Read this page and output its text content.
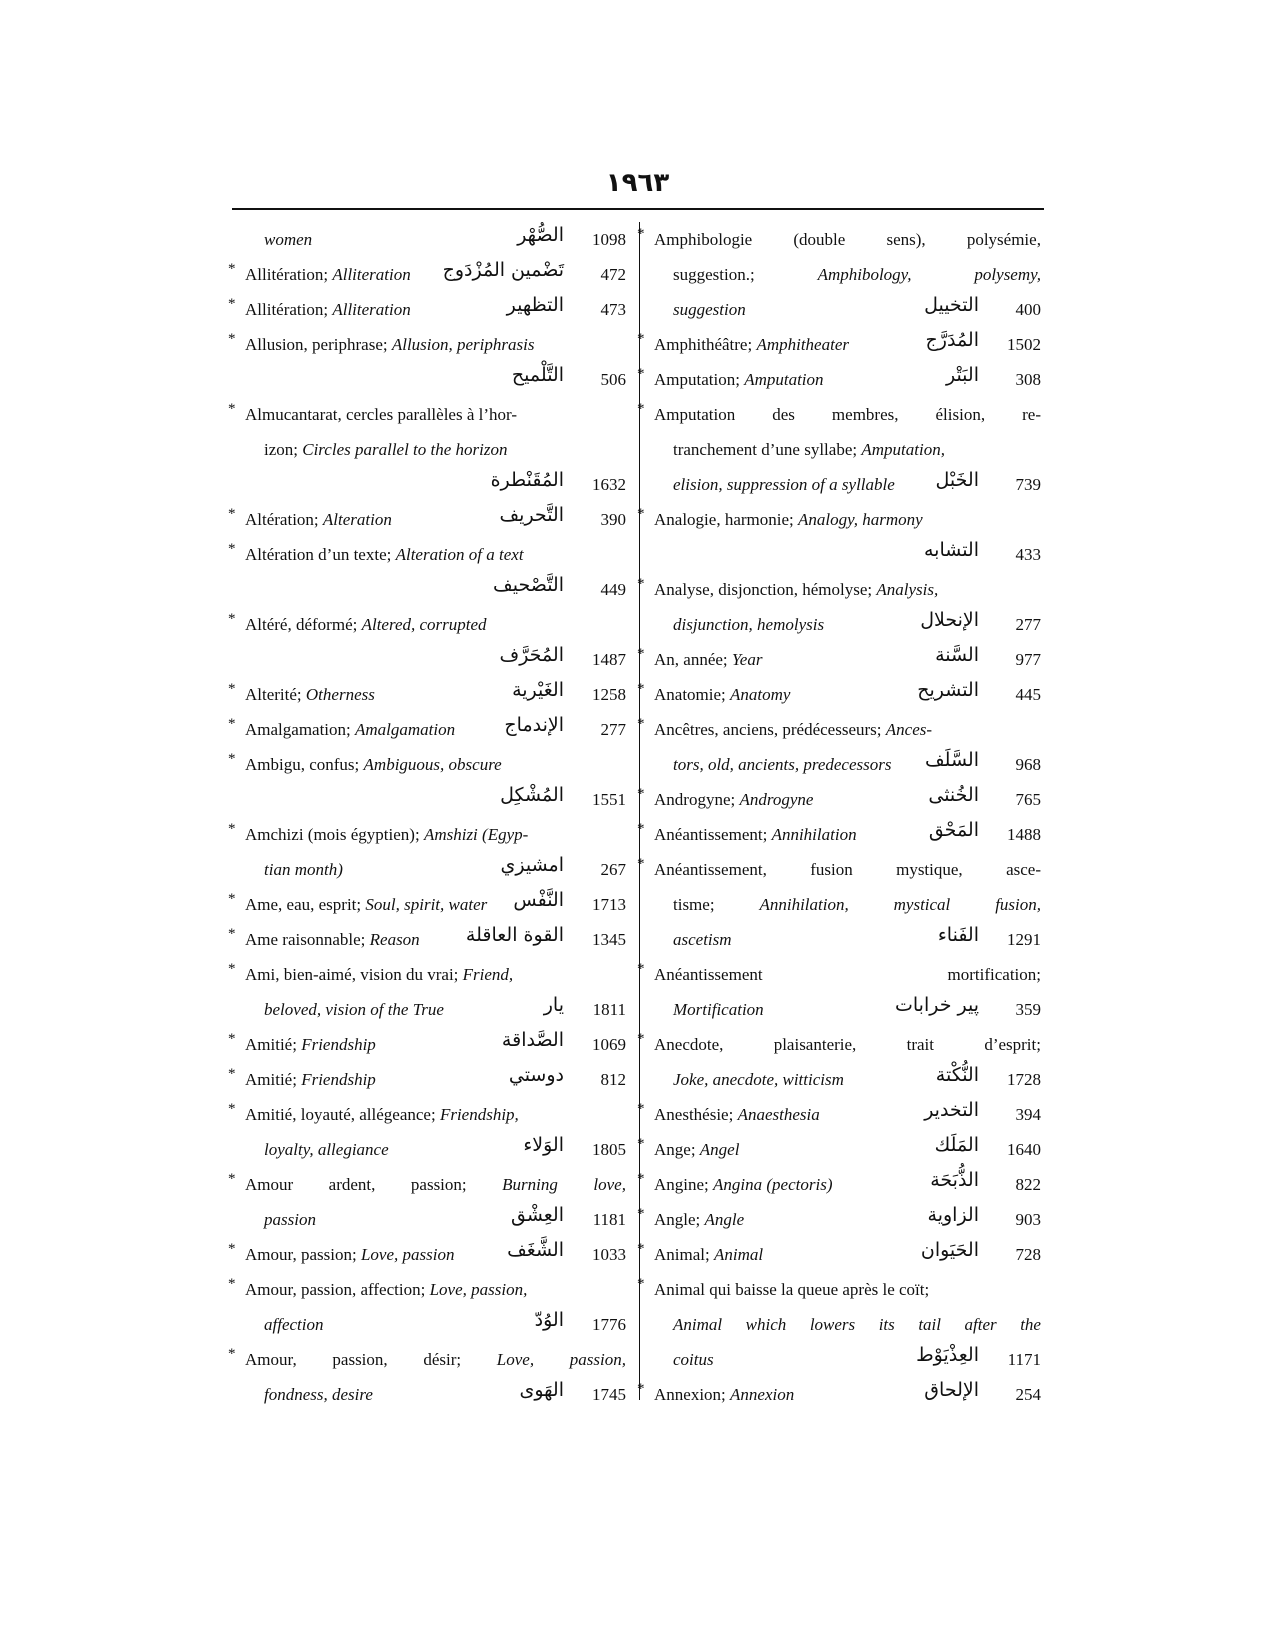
١٩٦٣
* Amphibologie (double sens), polysémie,
suggestion.;	Amphibology,	polysemy,
suggestion	التخييل	400
* Amphithéâtre; Amphitheater	المُدَرَّج	1502
* Amputation; Amputation	البَتْر	308
* Amputation des membres, élision, re-
tranchement d’une syllabe; Amputation,
elision, suppression of a syllable الخَبْل	739
* Analogie, harmonie; Analogy, harmony
التشابه	433
* Analyse, disjonction, hémolyse; Analysis,
disjunction, hemolysis	الإنحلال	277
* An, année; Year	السَّنة	977
* Anatomie; Anatomy	التشريح	445
* Ancêtres, anciens, prédécesseurs; Ances-
tors, old, ancients, predecessors السَّلَف	968
* Androgyne; Androgyne	الخُنثى	765
* Anéantissement; Annihilation	المَحْق	1488
* Anéantissement,	fusion	mystique,	asce-
tisme;	Annihilation,	mystical	fusion,
ascetism	الفَناء	1291
* Anéantissement	mortification;
Mortification	پير خرابات	359
* Anecdote,	plaisanterie,	trait	d’esprit;
Joke, anecdote, witticism	النُّكْتة	1728
* Anesthésie; Anaesthesia	التخدير	394
* Ange; Angel	المَلَك	1640
* Angine; Angina (pectoris)	الذُّبَحَة	822
* Angle; Angle	الزاوية	903
* Animal; Animal	الحَيَوان	728
* Animal qui baisse la queue après le coït;
Animal which lowers its tail after the
coitus	العِذْيَوْط	1171
* Annexion; Annexion	الإلحاق	254
women	الصُّهْر	1098
* Allitération; Alliteration تَضْمين المُزْدَوج	472
* Allitération; Alliteration	التظهير	473
* Allusion, periphrase; Allusion, periphrasis
التَّلْميح	506
* Almucantarat, cercles parallèles à l’hor-
izon; Circles parallel to the horizon
المُقَنْطرة	1632
* Altération; Alteration	التَّحريف	390
* Altération d’un texte; Alteration of a text
التَّصْحيف	449
* Altéré, déformé; Altered, corrupted
المُحَرَّف	1487
* Alterité; Otherness	الغَيْرية	1258
* Amalgamation; Amalgamation	الإندماج	277
* Ambigu, confus; Ambiguous, obscure
المُشْكِل	1551
* Amchizi (mois égyptien); Amshizi (Egyp-
tian month)	امشيزي	267
* Ame, eau, esprit; Soul, spirit, water النَّفْس	1713
* Ame raisonnable; Reason القوة العاقلة	1345
* Ami, bien-aimé, vision du vrai; Friend,
beloved, vision of the True	يار	1811
* Amitié; Friendship	الصَّداقة	1069
* Amitié; Friendship	دوستي	812
* Amitié, loyauté, allégeance; Friendship,
loyalty, allegiance	الوَلاء	1805
* Amour ardent, passion; Burning love,
passion	العِشْق	1181
* Amour, passion; Love, passion	الشَّغَف	1033
* Amour, passion, affection; Love, passion,
affection	الوُدّ	1776
* Amour, passion, désir; Love, passion,
fondness, desire	الهَوى	1745
